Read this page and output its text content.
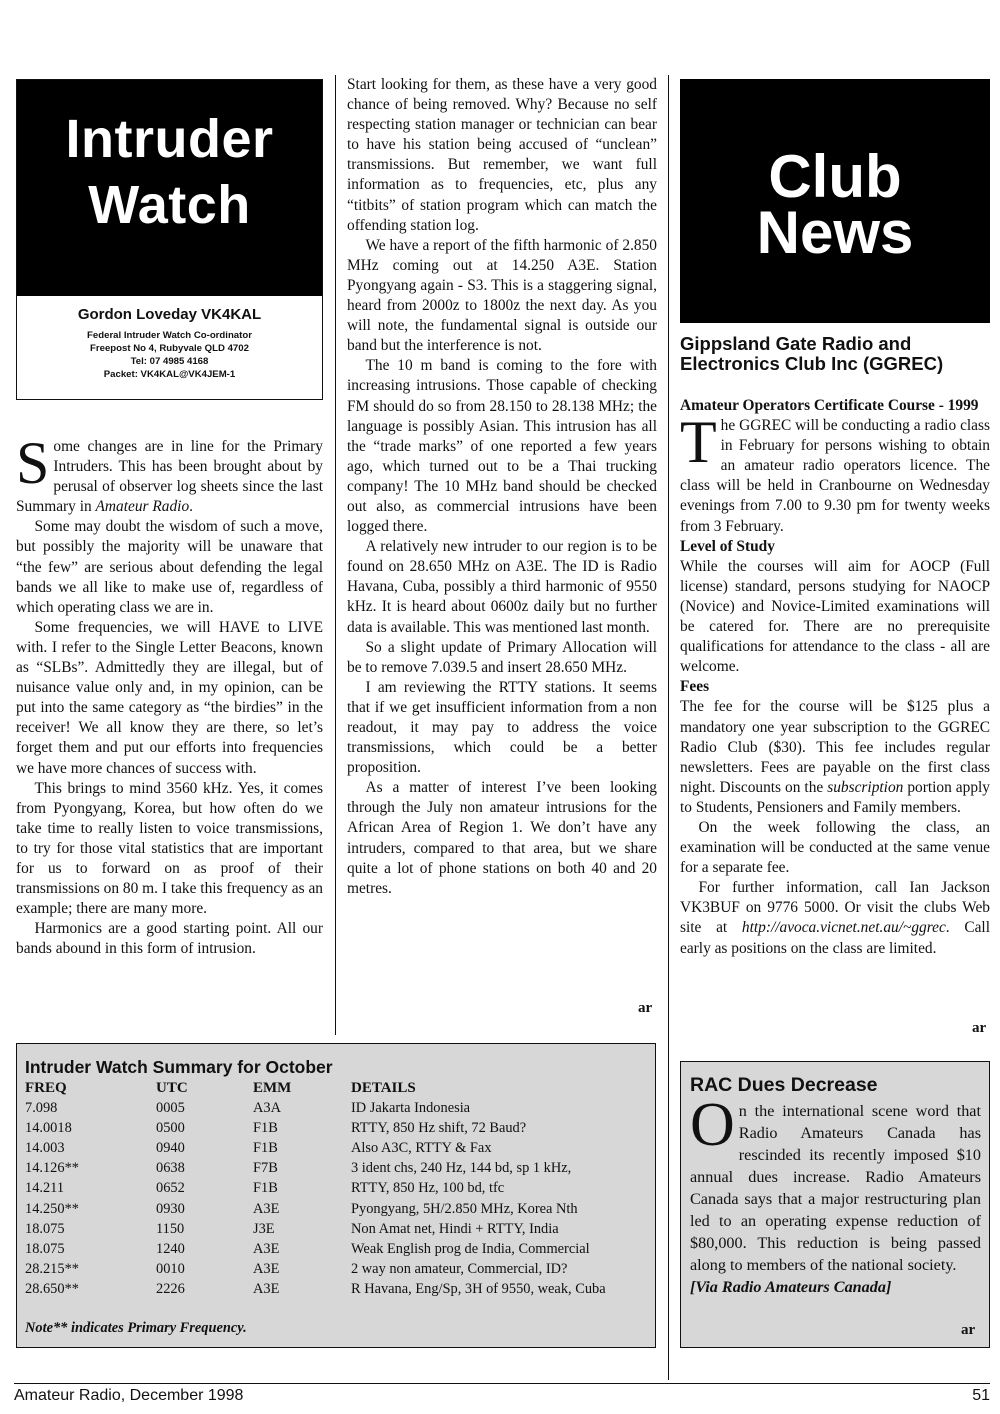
Intruder
Watch
Gordon Loveday VK4KAL
Federal Intruder Watch Co-ordinator
Freepost No 4, Rubyvale QLD 4702
Tel: 07 4985 4168
Packet: VK4KAL@VK4JEM-1

Some changes are in line for the Primary Intruders. This has been brought about by perusal of observer log sheets since the last Summary in Amateur Radio.

Some may doubt the wisdom of such a move, but possibly the majority will be unaware that “the few” are serious about defending the legal bands we all like to make use of, regardless of which operating class we are in.

Some frequencies, we will HAVE to LIVE with. I refer to the Single Letter Beacons, known as “SLBs”. Admittedly they are illegal, but of nuisance value only and, in my opinion, can be put into the same category as “the birdies” in the receiver! We all know they are there, so let’s forget them and put our efforts into frequencies we have more chances of success with.

This brings to mind 3560 kHz. Yes, it comes from Pyongyang, Korea, but how often do we take time to really listen to voice transmissions, to try for those vital statistics that are important for us to forward on as proof of their transmissions on 80 m. I take this frequency as an example; there are many more.

Harmonics are a good starting point. All our bands abound in this form of intrusion.

Start looking for them, as these have a very good chance of being removed. Why? Because no self respecting station manager or technician can bear to have his station being accused of “unclean” transmissions. But remember, we want full information as to frequencies, etc, plus any “titbits” of station program which can match the offending station log.

We have a report of the fifth harmonic of 2.850 MHz coming out at 14.250 A3E. Station Pyongyang again - S3. This is a staggering signal, heard from 2000z to 1800z the next day. As you will note, the fundamental signal is outside our band but the interference is not.

The 10 m band is coming to the fore with increasing intrusions. Those capable of checking FM should do so from 28.150 to 28.138 MHz; the language is possibly Asian. This intrusion has all the “trade marks” of one reported a few years ago, which turned out to be a Thai trucking company! The 10 MHz band should be checked out also, as commercial intrusions have been logged there.

A relatively new intruder to our region is to be found on 28.650 MHz on A3E. The ID is Radio Havana, Cuba, possibly a third harmonic of 9550 kHz. It is heard about 0600z daily but no further data is available. This was mentioned last month.

So a slight update of Primary Allocation will be to remove 7.039.5 and insert 28.650 MHz.

I am reviewing the RTTY stations. It seems that if we get insufficient information from a non readout, it may pay to address the voice transmissions, which could be a better proposition.

As a matter of interest I’ve been looking through the July non amateur intrusions for the African Area of Region 1. We don’t have any intruders, compared to that area, but we share quite a lot of phone stations on both 40 and 20 metres.

ar
Club
News
Gippsland Gate Radio and Electronics Club Inc (GGREC)

Amateur Operators Certificate Course - 1999

The GGREC will be conducting a radio class in February for persons wishing to obtain an amateur radio operators licence. The class will be held in Cranbourne on Wednesday evenings from 7.00 to 9.30 pm for twenty weeks from 3 February.

Level of Study

While the courses will aim for AOCP (Full license) standard, persons studying for NAOCP (Novice) and Novice-Limited examinations will be catered for. There are no prerequisite qualifications for attendance to the class - all are welcome.

Fees

The fee for the course will be $125 plus a mandatory one year subscription to the GGREC Radio Club ($30). This fee includes regular newsletters. Fees are payable on the first class night. Discounts on the subscription portion apply to Students, Pensioners and Family members.

On the week following the class, an examination will be conducted at the same venue for a separate fee.

For further information, call Ian Jackson VK3BUF on 9776 5000. Or visit the clubs Web site at http://avoca.vicnet.net.au/~ggrec. Call early as positions on the class are limited.

ar
Intruder Watch Summary for October
FREQ	UTC	EMM	DETAILS
7.098	0005	A3A	ID Jakarta Indonesia
14.0018	0500	F1B	RTTY, 850 Hz shift, 72 Baud?
14.003	0940	F1B	Also A3C, RTTY & Fax
14.126**	0638	F7B	3 ident chs, 240 Hz, 144 bd, sp 1 kHz,
14.211	0652	F1B	RTTY, 850 Hz, 100 bd, tfc
14.250**	0930	A3E	Pyongyang, 5H/2.850 MHz, Korea Nth
18.075	1150	J3E	Non Amat net, Hindi + RTTY, India
18.075	1240	A3E	Weak English prog de India, Commercial
28.215**	0010	A3E	2 way non amateur, Commercial, ID?
28.650**	2226	A3E	R Havana, Eng/Sp, 3H of 9550, weak, Cuba
Note** indicates Primary Frequency.
RAC Dues Decrease

On the international scene word that Radio Amateurs Canada has rescinded its recently imposed $10 annual dues increase. Radio Amateurs Canada says that a major restructuring plan led to an operating expense reduction of $80,000. This reduction is being passed along to members of the national society.

[Via Radio Amateurs Canada]

ar
Amateur Radio, December 1998	51
